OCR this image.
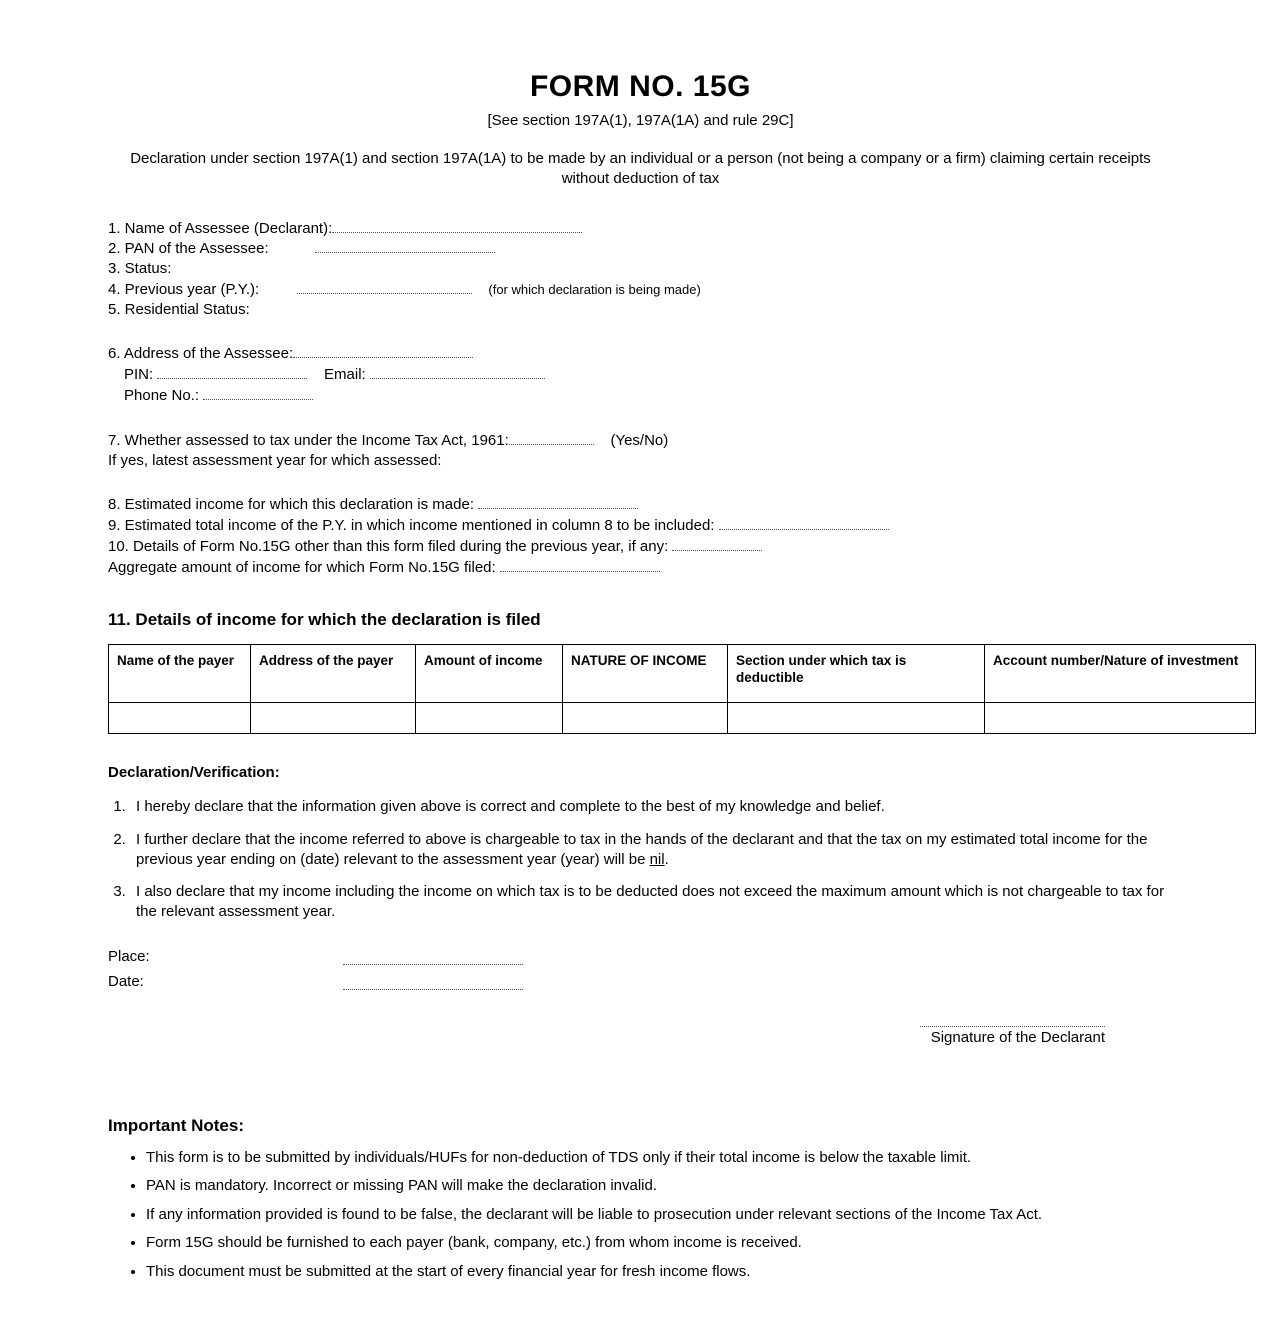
FORM NO. 15G
[See section 197A(1), 197A(1A) and rule 29C]
Declaration under section 197A(1) and section 197A(1A) to be made by an individual or a person (not being a company or a firm) claiming certain receipts without deduction of tax
1. Name of Assessee (Declarant):
2. PAN of the Assessee:
3. Status:
4. Previous year (P.Y.):	(for which declaration is being made)
5. Residential Status:
6. Address of the Assessee:
PIN:	Email:
Phone No.:
7. Whether assessed to tax under the Income Tax Act, 1961:	(Yes/No)
If yes, latest assessment year for which assessed:
8. Estimated income for which this declaration is made:
9. Estimated total income of the P.Y. in which income mentioned in column 8 to be included:
10. Details of Form No.15G other than this form filed during the previous year, if any:
Aggregate amount of income for which Form No.15G filed:
11. Details of income for which the declaration is filed
Name of the payer	Address of the payer	Amount of income	NATURE OF INCOME	Section under which tax is deductible	Account number/Nature of investment

Declaration/Verification:
1. I hereby declare that the information given above is correct and complete to the best of my knowledge and belief.
2. I further declare that the income referred to above is chargeable to tax in the hands of the declarant and that the tax on my estimated total income for the previous year ending on (date) relevant to the assessment year (year) will be nil.
3. I also declare that my income including the income on which tax is to be deducted does not exceed the maximum amount which is not chargeable to tax for the relevant assessment year.
Place:
Date:
Signature of the Declarant
Important Notes:
• This form is to be submitted by individuals/HUFs for non-deduction of TDS only if their total income is below the taxable limit.
• PAN is mandatory. Incorrect or missing PAN will make the declaration invalid.
• If any information provided is found to be false, the declarant will be liable to prosecution under relevant sections of the Income Tax Act.
• Form 15G should be furnished to each payer (bank, company, etc.) from whom income is received.
• This document must be submitted at the start of every financial year for fresh income flows.
